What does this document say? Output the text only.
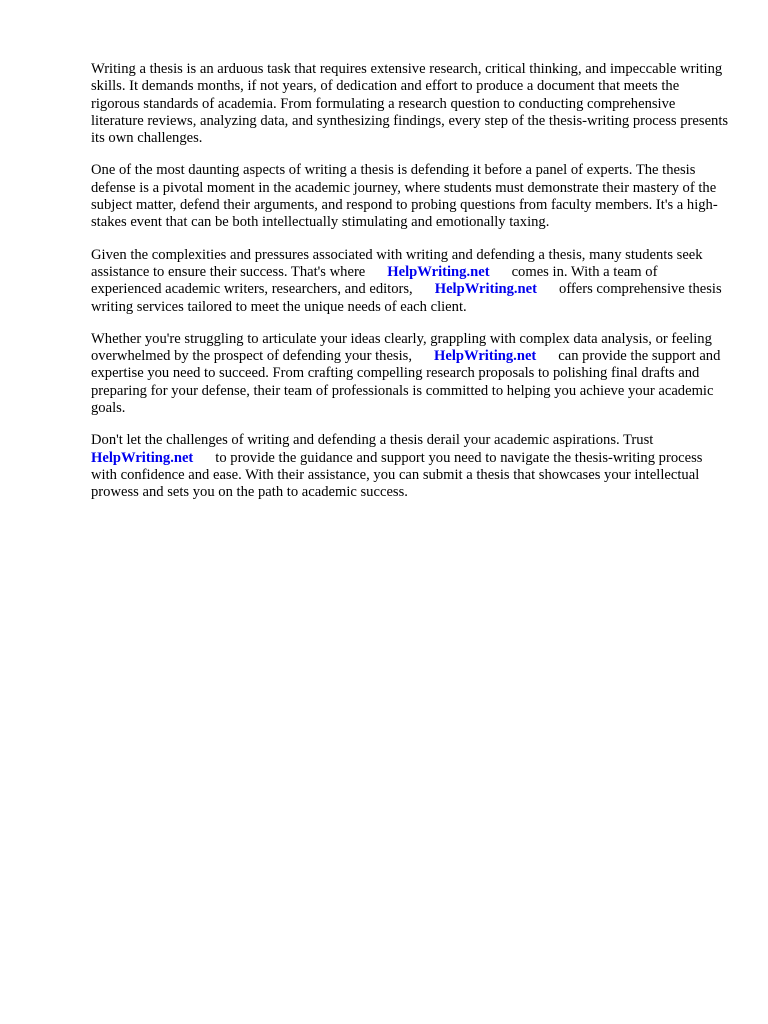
Writing a thesis is an arduous task that requires extensive research, critical thinking, and impeccable writing skills. It demands months, if not years, of dedication and effort to produce a document that meets the rigorous standards of academia. From formulating a research question to conducting comprehensive literature reviews, analyzing data, and synthesizing findings, every step of the thesis-writing process presents its own challenges.

One of the most daunting aspects of writing a thesis is defending it before a panel of experts. The thesis defense is a pivotal moment in the academic journey, where students must demonstrate their mastery of the subject matter, defend their arguments, and respond to probing questions from faculty members. It's a high-stakes event that can be both intellectually stimulating and emotionally taxing.

Given the complexities and pressures associated with writing and defending a thesis, many students seek assistance to ensure their success. That's where HelpWriting.net comes in. With a team of experienced academic writers, researchers, and editors, HelpWriting.net offers comprehensive thesis writing services tailored to meet the unique needs of each client.

Whether you're struggling to articulate your ideas clearly, grappling with complex data analysis, or feeling overwhelmed by the prospect of defending your thesis, HelpWriting.net can provide the support and expertise you need to succeed. From crafting compelling research proposals to polishing final drafts and preparing for your defense, their team of professionals is committed to helping you achieve your academic goals.

Don't let the challenges of writing and defending a thesis derail your academic aspirations. Trust HelpWriting.net to provide the guidance and support you need to navigate the thesis-writing process with confidence and ease. With their assistance, you can submit a thesis that showcases your intellectual prowess and sets you on the path to academic success.
